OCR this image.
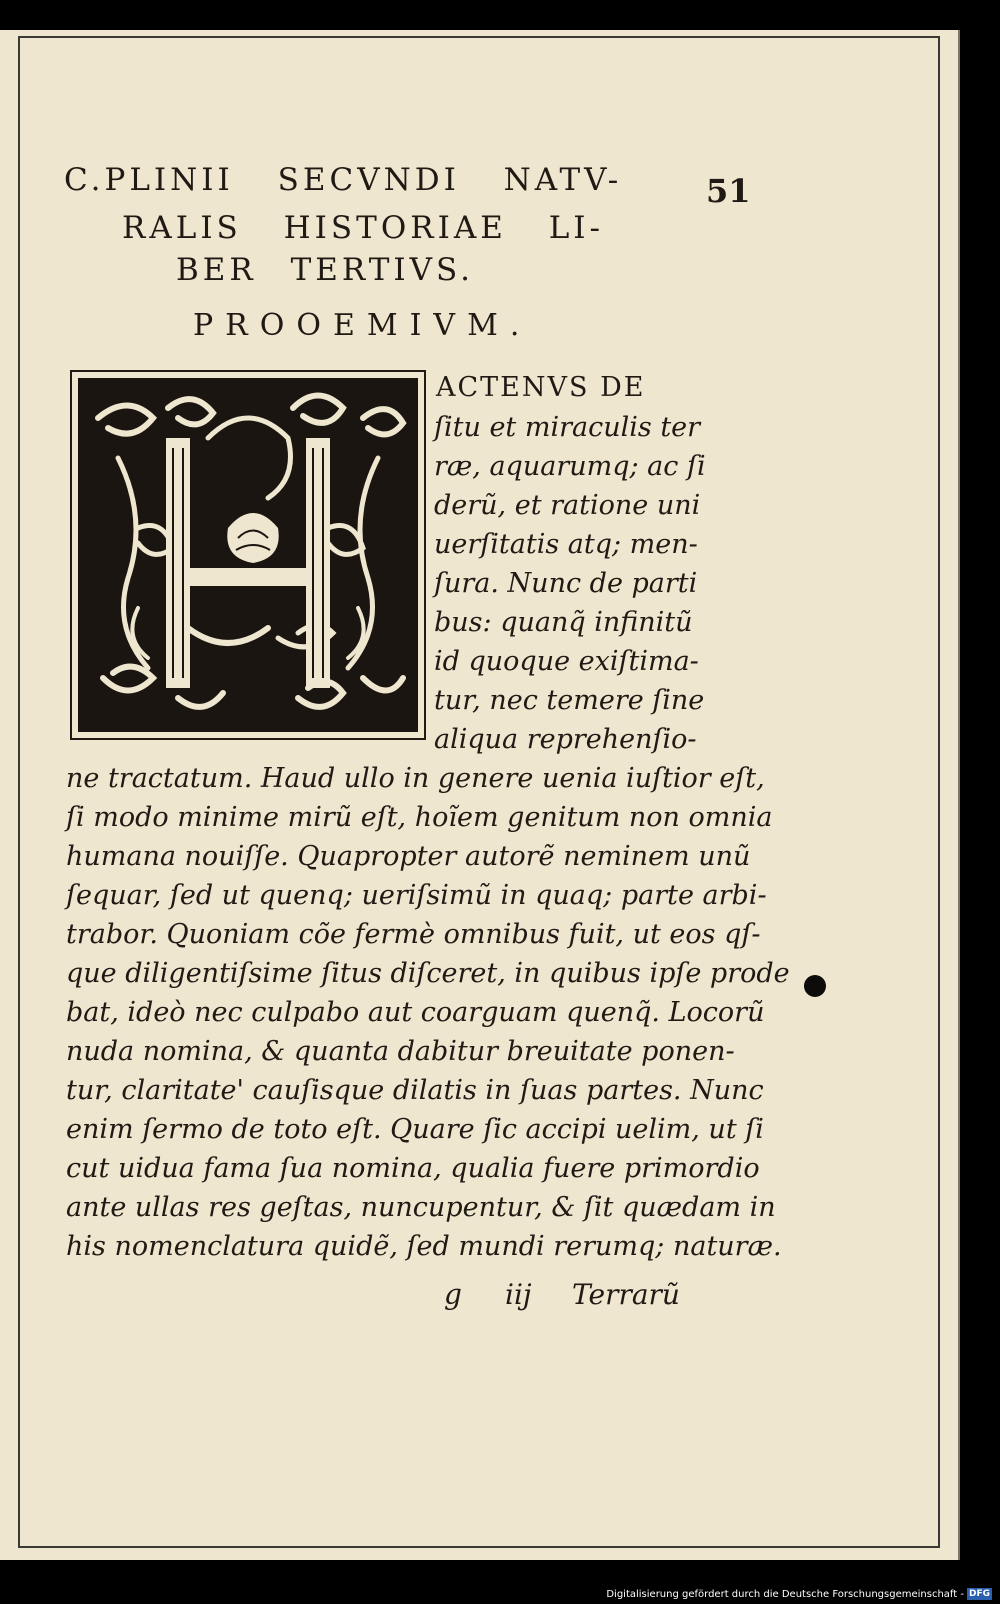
C.PLINII SECVNDI NATV-
RALIS HISTORIAE LI-
BER TERTIVS.
51
PROOEMIVM.
ACTENVS DE
ſitu et miraculis ter
ræ, aquarumq; ac ſi
derũ, et ratione uni
uerſitatis atq; men-
ſura. Nunc de parti
bus: quanq̃ infinitũ
id quoque exiſtima-
tur, nec temere ſine
aliqua reprehenſio-
ne tractatum. Haud ullo in genere uenia iuſtior eſt,
ſi modo minime mirũ eſt, hoĩem genitum non omnia
humana nouiſſe. Quapropter autorẽ neminem unũ
ſequar, ſed ut quenq; ueriſsimũ in quaq; parte arbi-
trabor. Quoniam cõe fermè omnibus fuit, ut eos qſ-
que diligentiſsime ſitus diſceret, in quibus ipſe prode
bat, ideò nec culpabo aut coarguam quenq̃. Locorũ
nuda nomina, & quanta dabitur breuitate ponen-
tur, claritate' cauſisque dilatis in ſuas partes. Nunc
enim ſermo de toto eſt. Quare ſic accipi uelim, ut ſi
cut uidua fama ſua nomina, qualia fuere primordio
ante ullas res geſtas, nuncupentur, & ſit quædam in
his nomenclatura quidẽ, ſed mundi rerumq; naturæ.
g iij Terrarũ
Digitalisierung gefördert durch die Deutsche Forschungsgemeinschaft - DFG
